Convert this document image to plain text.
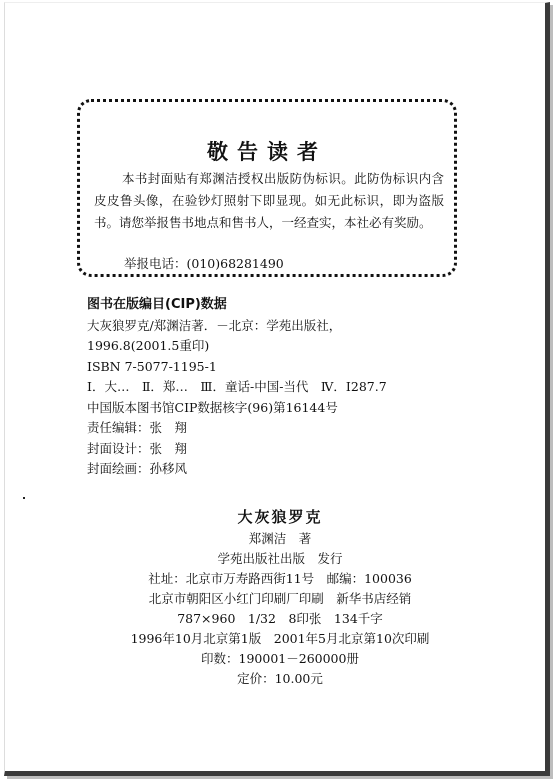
敬告读者
本书封面贴有郑渊洁授权出版防伪标识。此防伪标识内含皮皮鲁头像，在验钞灯照射下即显现。如无此标识，即为盗版书。请您举报售书地点和售书人，一经查实，本社必有奖励。
举报电话：(010)68281490
图书在版编目(CIP)数据
大灰狼罗克/郑渊洁著．－北京：学苑出版社，
1996.8(2001.5重印)
ISBN 7-5077-1195-1
Ⅰ．大…　Ⅱ．郑…　Ⅲ．童话-中国-当代　Ⅳ．I287.7
中国版本图书馆CIP数据核字(96)第16144号
责任编辑：张　翔
封面设计：张　翔
封面绘画：孙移风
大灰狼罗克
郑渊洁　著
学苑出版社出版　发行
社址：北京市万寿路西街11号　邮编：100036
北京市朝阳区小红门印刷厂印刷　新华书店经销
787×960　1/32　8印张　134千字
1996年10月北京第1版　2001年5月北京第10次印刷
印数：190001－260000册
定价：10.00元
